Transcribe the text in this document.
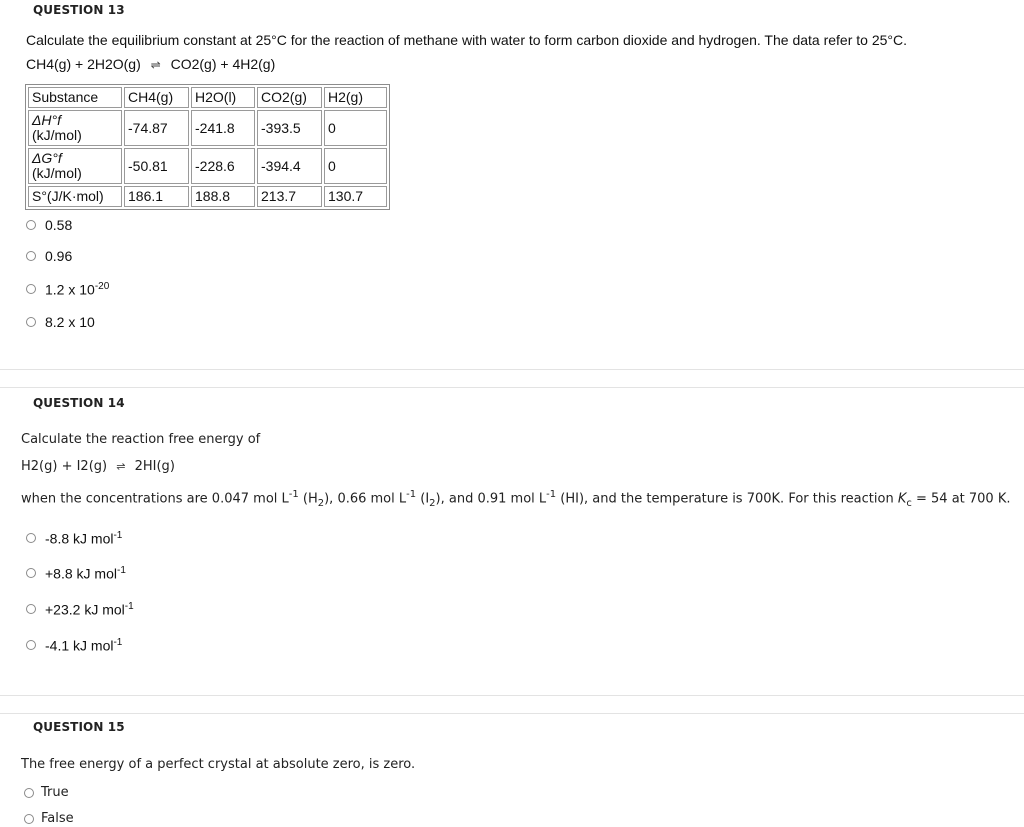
QUESTION 13
Calculate the equilibrium constant at 25°C for the reaction of methane with water to form carbon dioxide and hydrogen. The data refer to 25°C.
CH4(g) + 2H2O(g) ⇌ CO2(g) + 4H2(g)
Substance	CH4(g)	H2O(l)	CO2(g)	H2(g)

ΔH°f
(kJ/mol)	-74.87	-241.8	-393.5	0

ΔG°f
(kJ/mol)	-50.81	-228.6	-394.4	0
S°(J/K·mol)	186.1	188.8	213.7	130.7
0.58
0.96
1.2 x $10^{-20}$
8.2 x 10
QUESTION 14
Calculate the reaction free energy of
H2(g) + I2(g) ⇌ 2HI(g)
when the concentrations are 0.047 mol $L^{-1}$ $(H_2)$, 0.66 mol $L^{-1}$ $(I_2)$, and 0.91 mol $L^{-1}$ (HI), and the temperature is 700K. For this reaction $K_c = 54$ at 700 K.
-8.8 kJ mol$^{-1}$
+8.8 kJ mol$^{-1}$
+23.2 kJ mol$^{-1}$
-4.1 kJ mol$^{-1}$
QUESTION 15
The free energy of a perfect crystal at absolute zero, is zero.
True
False
